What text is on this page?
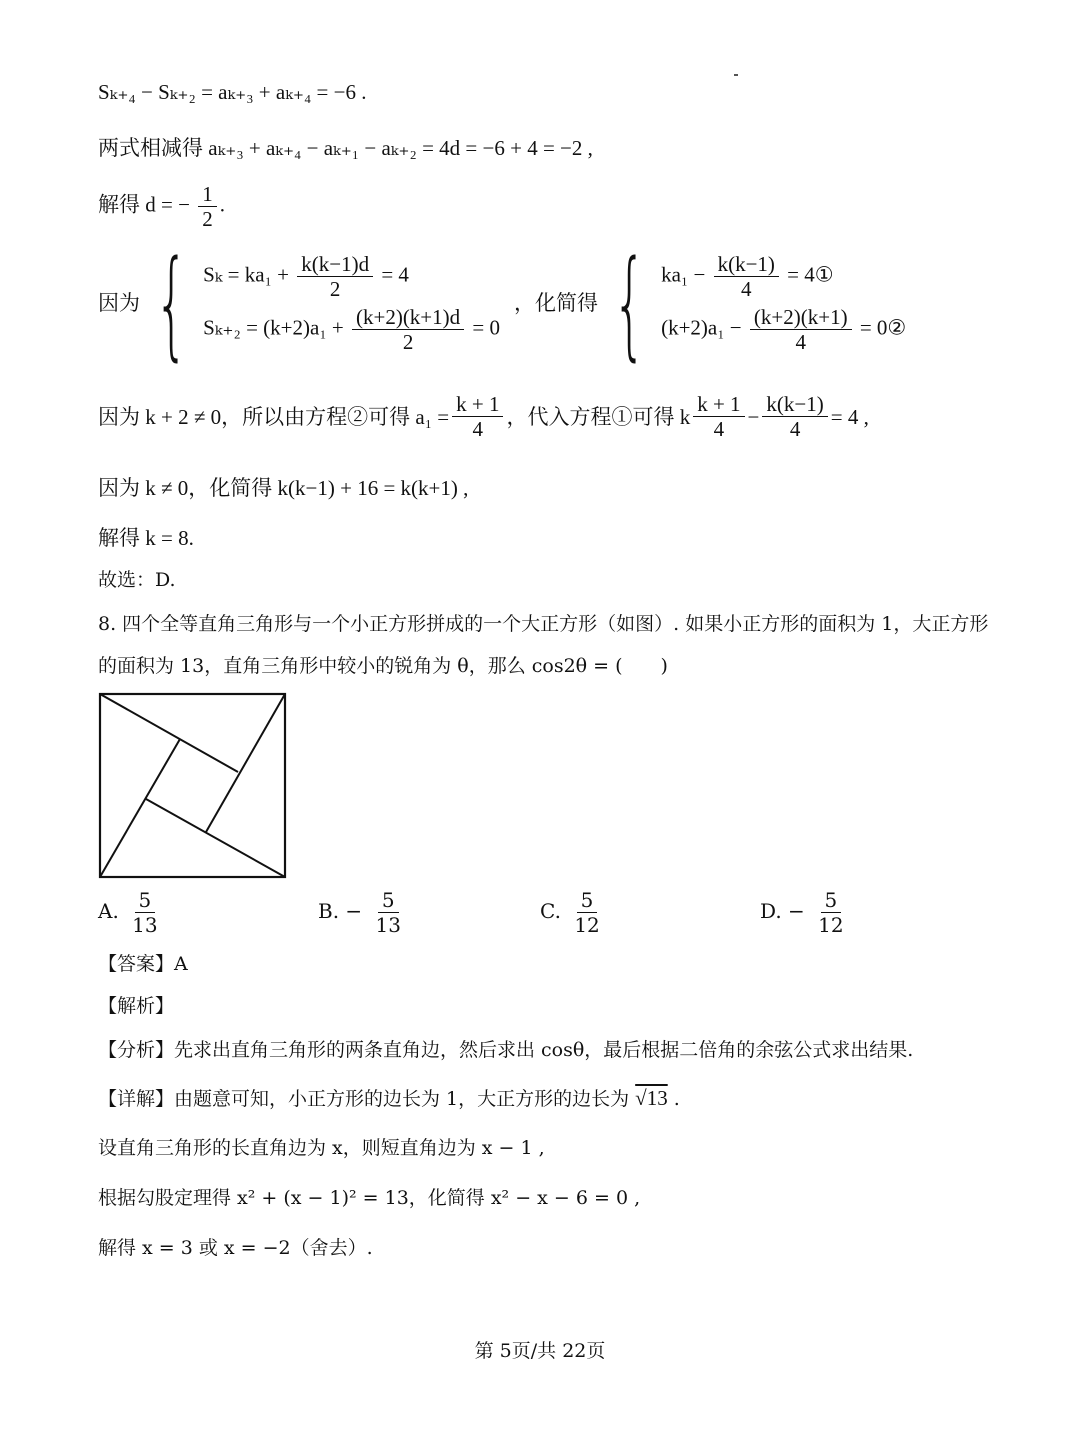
Sₖ₊₄ − Sₖ₊₂ = aₖ₊₃ + aₖ₊₄ = −6 .
两式相减得 aₖ₊₃ + aₖ₊₄ − aₖ₊₁ − aₖ₊₂ = 4d = −6 + 4 = −2 ,
解得 d = − $\frac{1}{2}$ .
因为 { $S_k = ka_1 + \frac{k(k-1)d}{2} = 4$
$S_{k+2} = (k+2)a_1 + \frac{(k+2)(k+1)d}{2} = 0$
，化简得 { $ka_1 - \frac{k(k-1)}{4}$ = 4①
$(k+2)a_1 - \frac{(k+2)(k+1)}{4}$ = 0②
因为 k + 2 ≠ 0，所以由方程②可得 $a_1 = \frac{k + 1}{4}$ ，代入方程①可得 k $\frac{k + 1}{4} - \frac{k(k-1)}{4} = 4$ ,
因为 k ≠ 0，化简得 k(k−1) + 16 = k(k+1) ,
解得 k = 8.
故选：D.
8. 四个全等直角三角形与一个小正方形拼成的一个大正方形（如图）. 如果小正方形的面积为 1，大正方形
的面积为 13，直角三角形中较小的锐角为 θ，那么 cos2θ = (　　)
A. $\frac{5}{13}$	B. − $\frac{5}{13}$	C. $\frac{5}{12}$	D. − $\frac{5}{12}$
【答案】A
【解析】
【分析】先求出直角三角形的两条直角边，然后求出 cosθ，最后根据二倍角的余弦公式求出结果.
【详解】由题意可知，小正方形的边长为 1，大正方形的边长为 √13 .
设直角三角形的长直角边为 x，则短直角边为 x − 1 ,
根据勾股定理得 x² + (x − 1)² = 13，化简得 x² − x − 6 = 0 ,
解得 x = 3 或 x = −2（舍去）.
第 5页/共 22页
